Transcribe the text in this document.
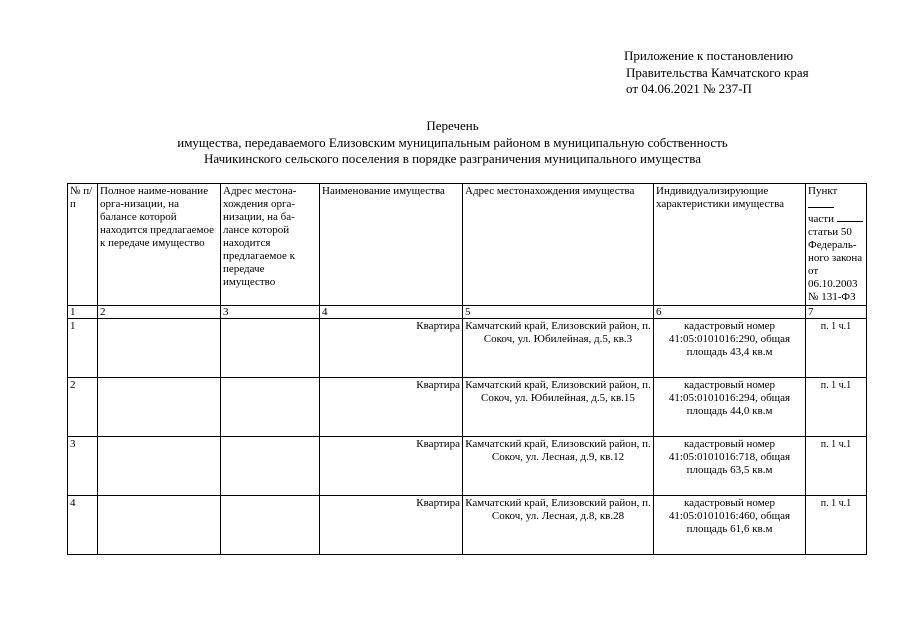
Приложение к постановлению
Правительства Камчатского края
от 04.06.2021 № 237-П
Перечень
имущества, передаваемого Елизовским муниципальным районом в муниципальную собственность
Начикинского сельского поселения в порядке разграничения муниципального имущества
№ п/п	Полное наиме-нование орга-низации, на балансе которой находится предлагаемое к передаче имущество	Адрес местона-хождения орга-низации, на ба-лансе которой находится предлагаемое к передаче имущество	Наименование имущества	Адрес местонахождения имущества	Индивидуализирующие характеристики имущества	Пункт
части
статьи 50 Федераль-ного закона от 06.10.2003 № 131-ФЗ
1	2	3	4	5	6	7
1			Квартира	Камчатский край, Елизовский район, п. Сокоч, ул. Юбилейная, д.5, кв.3	кадастровый номер 41:05:0101016:290, общая площадь 43,4 кв.м	п. 1 ч.1
2			Квартира	Камчатский край, Елизовский район, п. Сокоч, ул. Юбилейная, д.5, кв.15	кадастровый номер 41:05:0101016:294, общая площадь 44,0 кв.м	п. 1 ч.1
3			Квартира	Камчатский край, Елизовский район, п. Сокоч, ул. Лесная, д.9, кв.12	кадастровый номер 41:05:0101016:718, общая площадь 63,5 кв.м	п. 1 ч.1
4			Квартира	Камчатский край, Елизовский район, п. Сокоч, ул. Лесная, д.8, кв.28	кадастровый номер 41:05:0101016:460, общая площадь 61,6 кв.м	п. 1 ч.1
